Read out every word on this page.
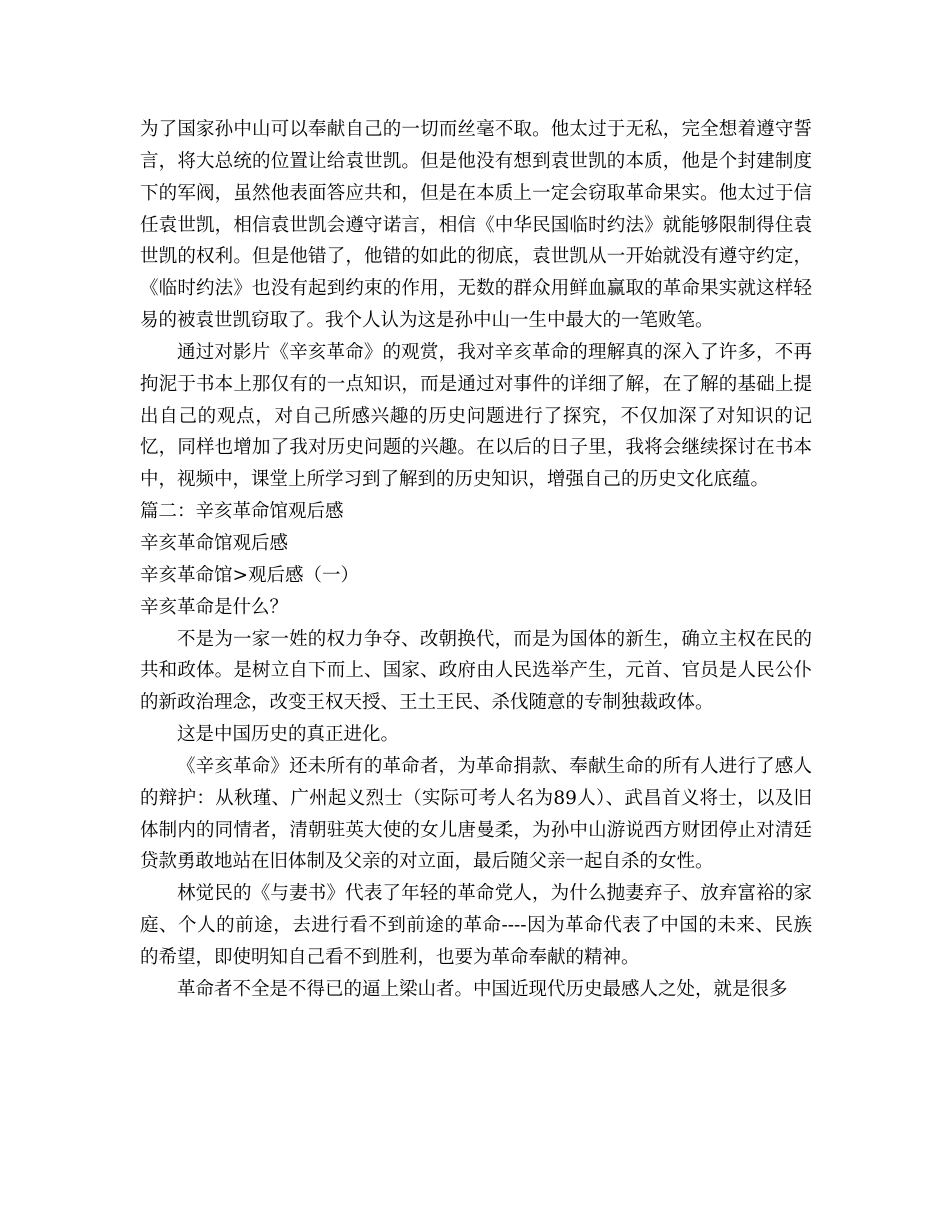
为了国家孙中山可以奉献自己的一切而丝毫不取。他太过于无私，完全想着遵守誓言，将大总统的位置让给袁世凯。但是他没有想到袁世凯的本质，他是个封建制度下的军阀，虽然他表面答应共和，但是在本质上一定会窃取革命果实。他太过于信任袁世凯，相信袁世凯会遵守诺言，相信《中华民国临时约法》就能够限制得住袁世凯的权利。但是他错了，他错的如此的彻底，袁世凯从一开始就没有遵守约定，《临时约法》也没有起到约束的作用，无数的群众用鲜血赢取的革命果实就这样轻易的被袁世凯窃取了。我个人认为这是孙中山一生中最大的一笔败笔。

通过对影片《辛亥革命》的观赏，我对辛亥革命的理解真的深入了许多，不再拘泥于书本上那仅有的一点知识，而是通过对事件的详细了解，在了解的基础上提出自己的观点，对自己所感兴趣的历史问题进行了探究，不仅加深了对知识的记忆，同样也增加了我对历史问题的兴趣。在以后的日子里，我将会继续探讨在书本中，视频中，课堂上所学习到了解到的历史知识，增强自己的历史文化底蕴。

篇二：辛亥革命馆观后感

辛亥革命馆观后感

辛亥革命馆>观后感（一）

辛亥革命是什么？

不是为一家一姓的权力争夺、改朝换代，而是为国体的新生，确立主权在民的共和政体。是树立自下而上、国家、政府由人民选举产生，元首、官员是人民公仆的新政治理念，改变王权天授、王土王民、杀伐随意的专制独裁政体。

这是中国历史的真正进化。

《辛亥革命》还未所有的革命者，为革命捐款、奉献生命的所有人进行了感人的辩护：从秋瑾、广州起义烈士（实际可考人名为89人）、武昌首义将士，以及旧体制内的同情者，清朝驻英大使的女儿唐曼柔，为孙中山游说西方财团停止对清廷贷款勇敢地站在旧体制及父亲的对立面，最后随父亲一起自杀的女性。

林觉民的《与妻书》代表了年轻的革命党人，为什么抛妻弃子、放弃富裕的家庭、个人的前途，去进行看不到前途的革命----因为革命代表了中国的未来、民族的希望，即使明知自己看不到胜利，也要为革命奉献的精神。

革命者不全是不得已的逼上梁山者。中国近现代历史最感人之处，就是很多
